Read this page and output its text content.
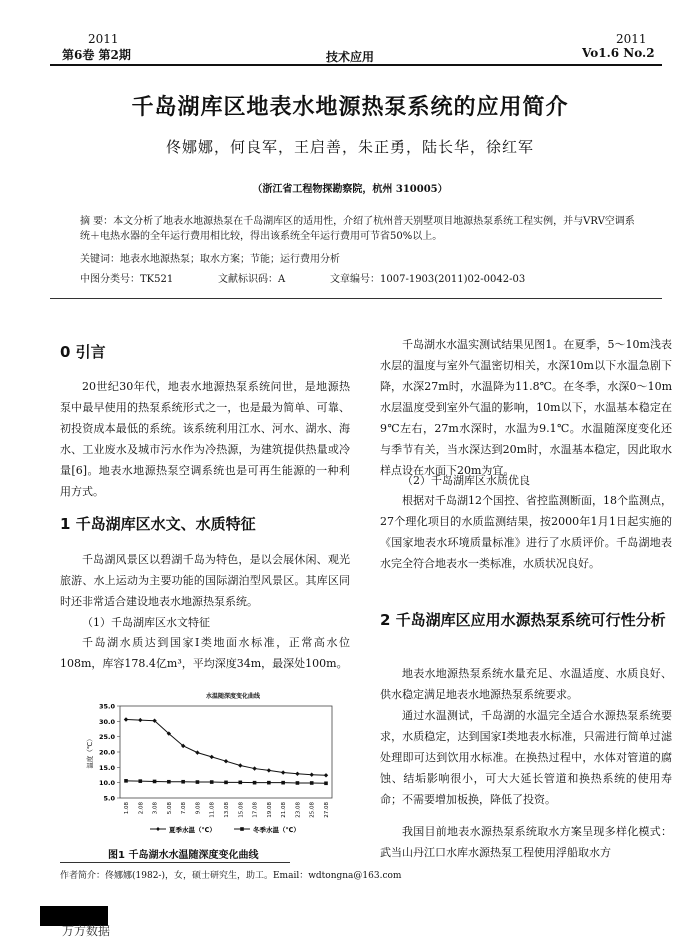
2011
第6卷 第2期	技术应用
2011
Vo1.6 No.2
千岛湖库区地表水地源热泵系统的应用简介
佟娜娜，何良军，王启善，朱正勇，陆长华，徐红军
（浙江省工程物探勘察院，杭州 310005）
摘 要：本文分析了地表水地源热泵在千岛湖库区的适用性，介绍了杭州普天别墅项目地源热泵系统工程实例，并与VRV空调系统＋电热水器的全年运行费用相比较，得出该系统全年运行费用可节省50%以上。
关键词：地表水地源热泵；取水方案；节能；运行费用分析
中图分类号：TK521	文献标识码：A	文章编号：1007-1903(2011)02-0042-03
0 引言

20世纪30年代，地表水地源热泵系统问世，是地源热泵中最早使用的热泵系统形式之一，也是最为简单、可靠、初投资成本最低的系统。该系统利用江水、河水、湖水、海水、工业废水及城市污水作为冷热源，为建筑提供热量或冷量[6]。地表水地源热泵空调系统也是可再生能源的一种利用方式。

1 千岛湖库区水文、水质特征

千岛湖风景区以碧湖千岛为特色，是以会展休闲、观光旅游、水上运动为主要功能的国际湖泊型风景区。其库区同时还非常适合建设地表水地源热泵系统。

（1）千岛湖库区水文特征

千岛湖水质达到国家Ⅰ类地面水标准，正常高水位108m，库容178.4亿m³，平均深度34m，最深处100m。

水温随深度变化曲线
5.0
10.0
15.0
20.0
25.0
30.0
35.0
温度（℃）
1.08 2.08 3.08 5.08 7.08 9.08 11.08 13.08 15.08 17.08 19.08 21.08 23.08 25.08 27.08
夏季水温（℃）	冬季水温（℃）
图1 千岛湖水水温随深度变化曲线

千岛湖水水温实测试结果见图1。在夏季，5～10m浅表水层的温度与室外气温密切相关，水深10m以下水温急剧下降，水深27m时，水温降为11.8℃。在冬季，水深0～10m水层温度受到室外气温的影响，10m以下，水温基本稳定在9℃左右，27m水深时，水温为9.1℃。水温随深度变化还与季节有关，当水深达到20m时，水温基本稳定，因此取水样点设在水面下20m为宜。

（2）千岛湖库区水质优良

根据对千岛湖12个国控、省控监测断面，18个监测点，27个理化项目的水质监测结果，按2000年1月1日起实施的《国家地表水环境质量标准》进行了水质评价。千岛湖地表水完全符合地表水一类标准，水质状况良好。

2 千岛湖库区应用水源热泵系统可行性分析

地表水地源热泵系统水量充足、水温适度、水质良好、供水稳定满足地表水地源热泵系统要求。

通过水温测试，千岛湖的水温完全适合水源热泵系统要求，水质稳定，达到国家Ⅰ类地表水标准，只需进行简单过滤处理即可达到饮用水标准。在换热过程中，水体对管道的腐蚀、结垢影响很小，可大大延长管道和换热系统的使用寿命；不需要增加板换，降低了投资。

我国目前地表水源热泵系统取水方案呈现多样化模式：武当山丹江口水库水源热泵工程使用浮船取水方

作者简介：佟娜娜(1982-)，女，硕士研究生，助工。Email：wdtongna@163.com
万方数据
